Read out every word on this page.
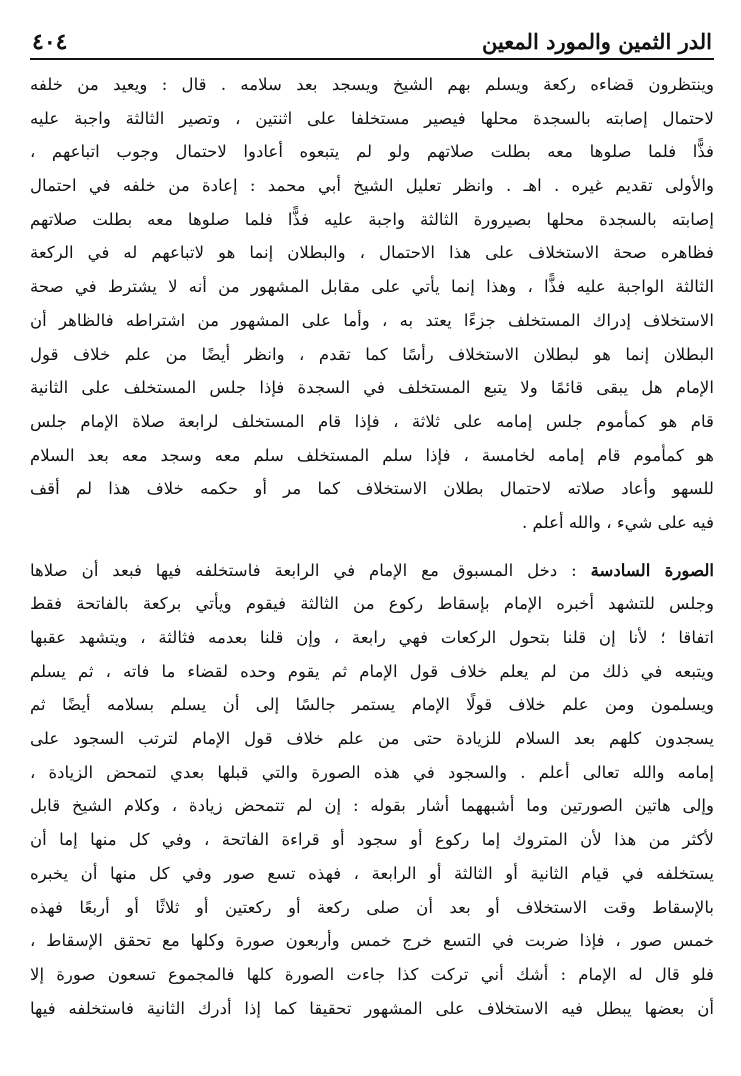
الدر الثمين والمورد المعين
٤٠٤
وينتظرون قضاءه ركعة ويسلم بهم الشيخ ويسجد بعد سلامه . قال : ويعيد من خلفه
لاحتمال إصابته بالسجدة محلها فيصير مستخلفا على اثنتين ، وتصير الثالثة واجبة عليه
فذًّا فلما صلوها معه بطلت صلاتهم ولو لم يتبعوه أعادوا لاحتمال وجوب اتباعهم ،
والأولى تقديم غيره . اهـ . وانظر تعليل الشيخ أبي محمد : إعادة من خلفه في احتمال
إصابته بالسجدة محلها بصيرورة الثالثة واجبة عليه فذًّا فلما صلوها معه بطلت صلاتهم
فظاهره صحة الاستخلاف على هذا الاحتمال ، والبطلان إنما هو لاتباعهم له في الركعة
الثالثة الواجبة عليه فذًّا ، وهذا إنما يأتي على مقابل المشهور من أنه لا يشترط في صحة
الاستخلاف إدراك المستخلف جزءًا يعتد به ، وأما على المشهور من اشتراطه فالظاهر أن
البطلان إنما هو لبطلان الاستخلاف رأسًا كما تقدم ، وانظر أيضًا من علم خلاف قول
الإمام هل يبقى قائمًا ولا يتبع المستخلف في السجدة فإذا جلس المستخلف على الثانية
قام هو كمأموم جلس إمامه على ثلاثة ، فإذا قام المستخلف لرابعة صلاة الإمام جلس
هو كمأموم قام إمامه لخامسة ، فإذا سلم المستخلف سلم معه وسجد معه بعد السلام
للسهو وأعاد صلاته لاحتمال بطلان الاستخلاف كما مر أو حكمه خلاف هذا لم أقف
فيه على شيء ، والله أعلم .
الصورة السادسة : دخل المسبوق مع الإمام في الرابعة فاستخلفه فيها فبعد أن صلاها
وجلس للتشهد أخبره الإمام بإسقاط ركوع من الثالثة فيقوم ويأتي بركعة بالفاتحة فقط
اتفاقا ؛ لأنا إن قلنا بتحول الركعات فهي رابعة ، وإن قلنا بعدمه فثالثة ، ويتشهد عقبها
ويتبعه في ذلك من لم يعلم خلاف قول الإمام ثم يقوم وحده لقضاء ما فاته ، ثم يسلم
ويسلمون ومن علم خلاف قولًا الإمام يستمر جالسًا إلى أن يسلم بسلامه أيضًا ثم
يسجدون كلهم بعد السلام للزيادة حتى من علم خلاف قول الإمام لترتب السجود على
إمامه والله تعالى أعلم . والسجود في هذه الصورة والتي قبلها بعدي لتمحض الزيادة ،
وإلى هاتين الصورتين وما أشبههما أشار بقوله : إن لم تتمحض زيادة ، وكلام الشيخ قابل
لأكثر من هذا لأن المتروك إما ركوع أو سجود أو قراءة الفاتحة ، وفي كل منها إما أن
يستخلفه في قيام الثانية أو الثالثة أو الرابعة ، فهذه تسع صور وفي كل منها أن يخبره
بالإسقاط وقت الاستخلاف أو بعد أن صلى ركعة أو ركعتين أو ثلاثًا أو أربعًا فهذه
خمس صور ، فإذا ضربت في التسع خرج خمس وأربعون صورة وكلها مع تحقق الإسقاط ،
فلو قال له الإمام : أشك أني تركت كذا جاءت الصورة كلها فالمجموع تسعون صورة إلا
أن بعضها يبطل فيه الاستخلاف على المشهور تحقيقا كما إذا أدرك الثانية فاستخلفه فيها
